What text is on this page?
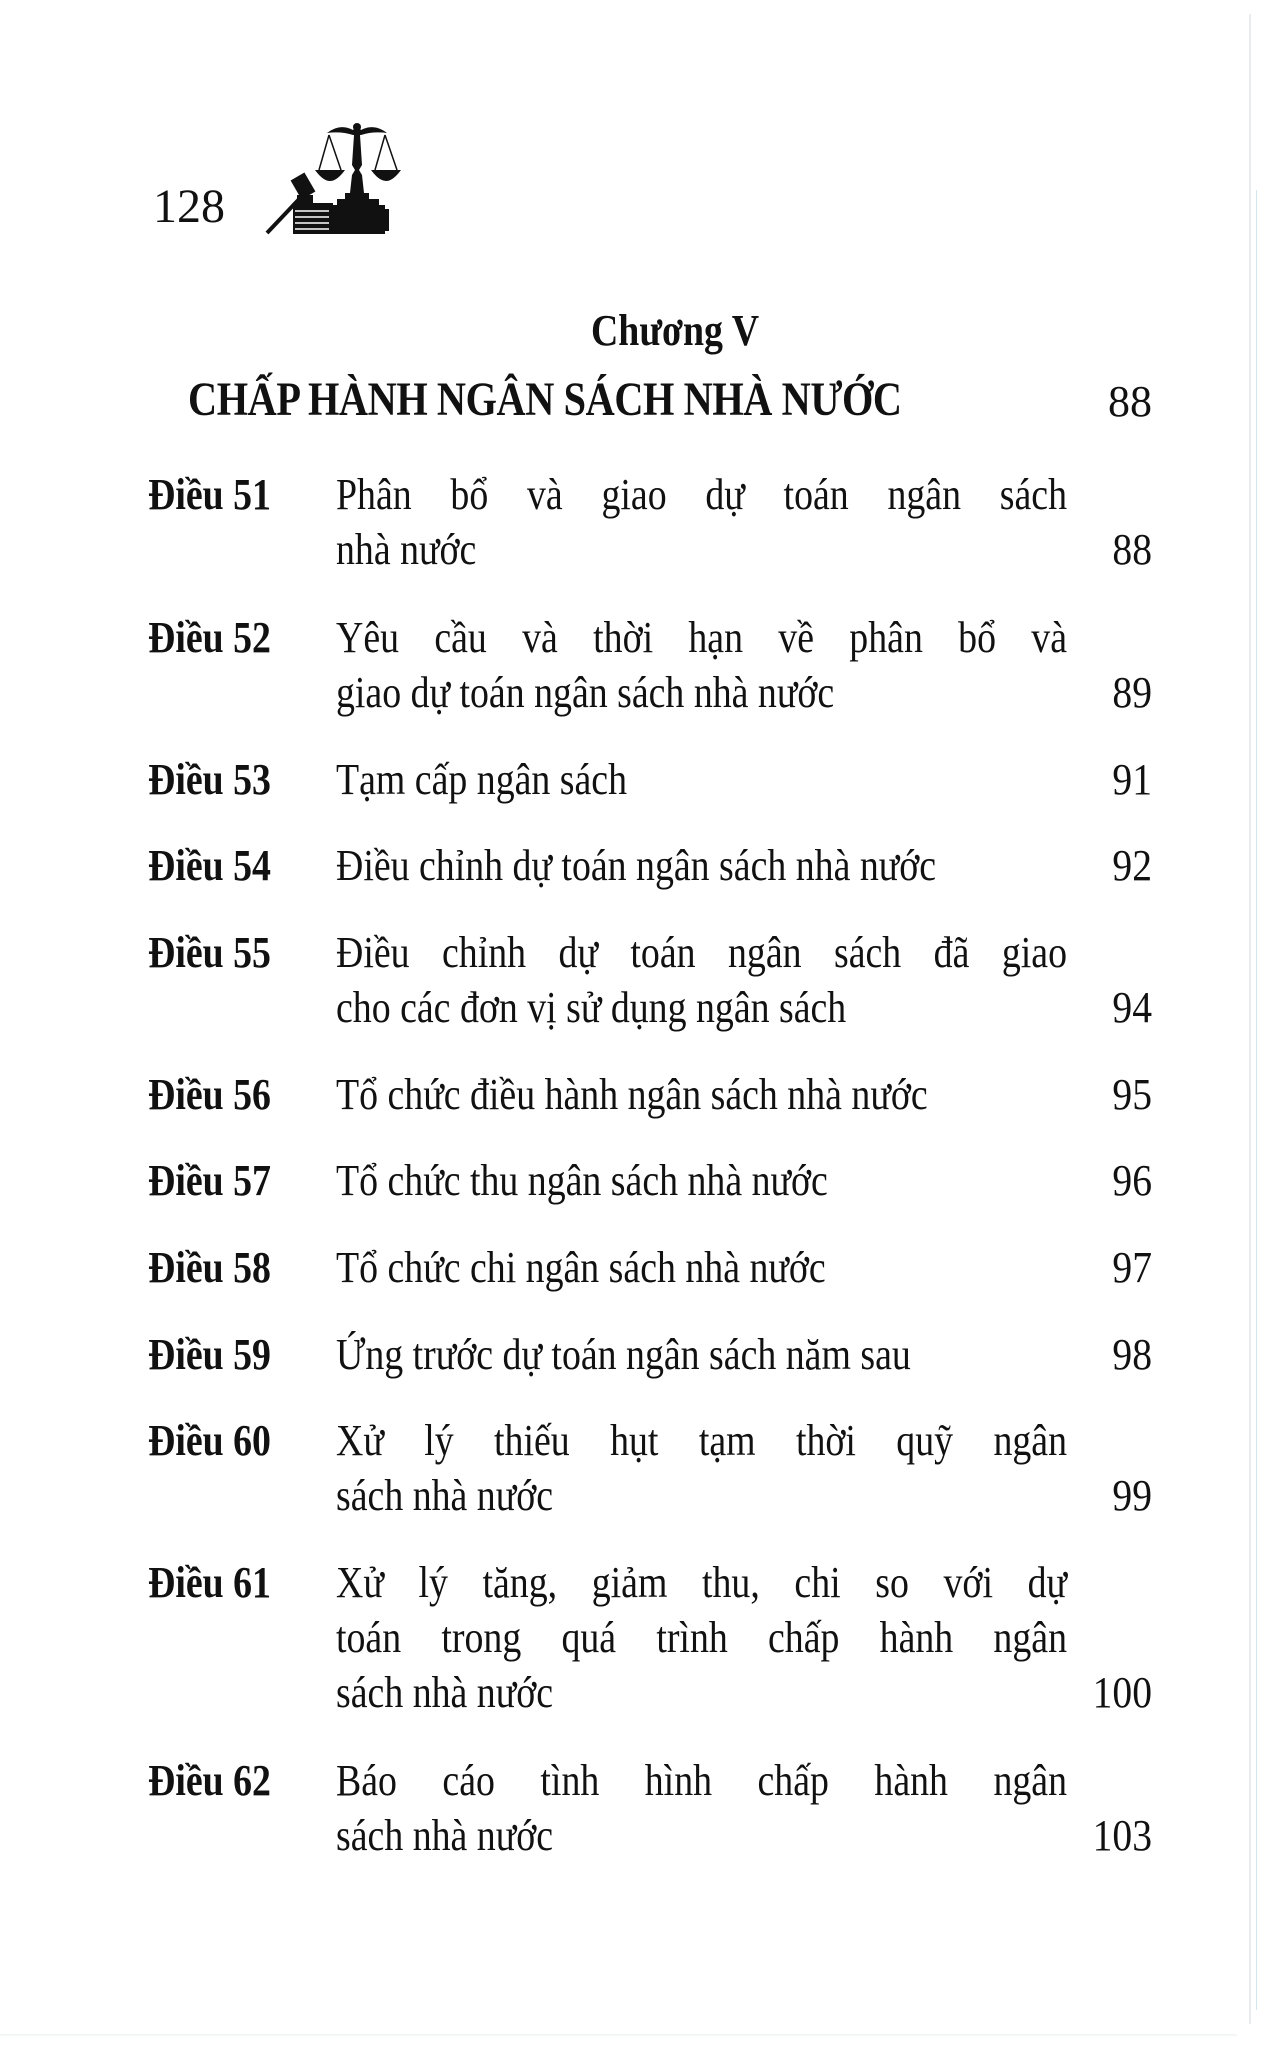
128
Chương V
CHẤP HÀNH NGÂN SÁCH NHÀ NƯỚC	88
Điều 51 Phân bổ và giao dự toán ngân sách
nhà nước	88
Điều 52 Yêu cầu và thời hạn về phân bổ và
giao dự toán ngân sách nhà nước	89
Điều 53 Tạm cấp ngân sách	91
Điều 54 Điều chỉnh dự toán ngân sách nhà nước	92
Điều 55 Điều chỉnh dự toán ngân sách đã giao
cho các đơn vị sử dụng ngân sách	94
Điều 56 Tổ chức điều hành ngân sách nhà nước	95
Điều 57 Tổ chức thu ngân sách nhà nước	96
Điều 58 Tổ chức chi ngân sách nhà nước	97
Điều 59 Ứng trước dự toán ngân sách năm sau	98
Điều 60 Xử lý thiếu hụt tạm thời quỹ ngân
sách nhà nước	99
Điều 61 Xử lý tăng, giảm thu, chi so với dự
toán trong quá trình chấp hành ngân
sách nhà nước	100
Điều 62 Báo cáo tình hình chấp hành ngân
sách nhà nước	103
